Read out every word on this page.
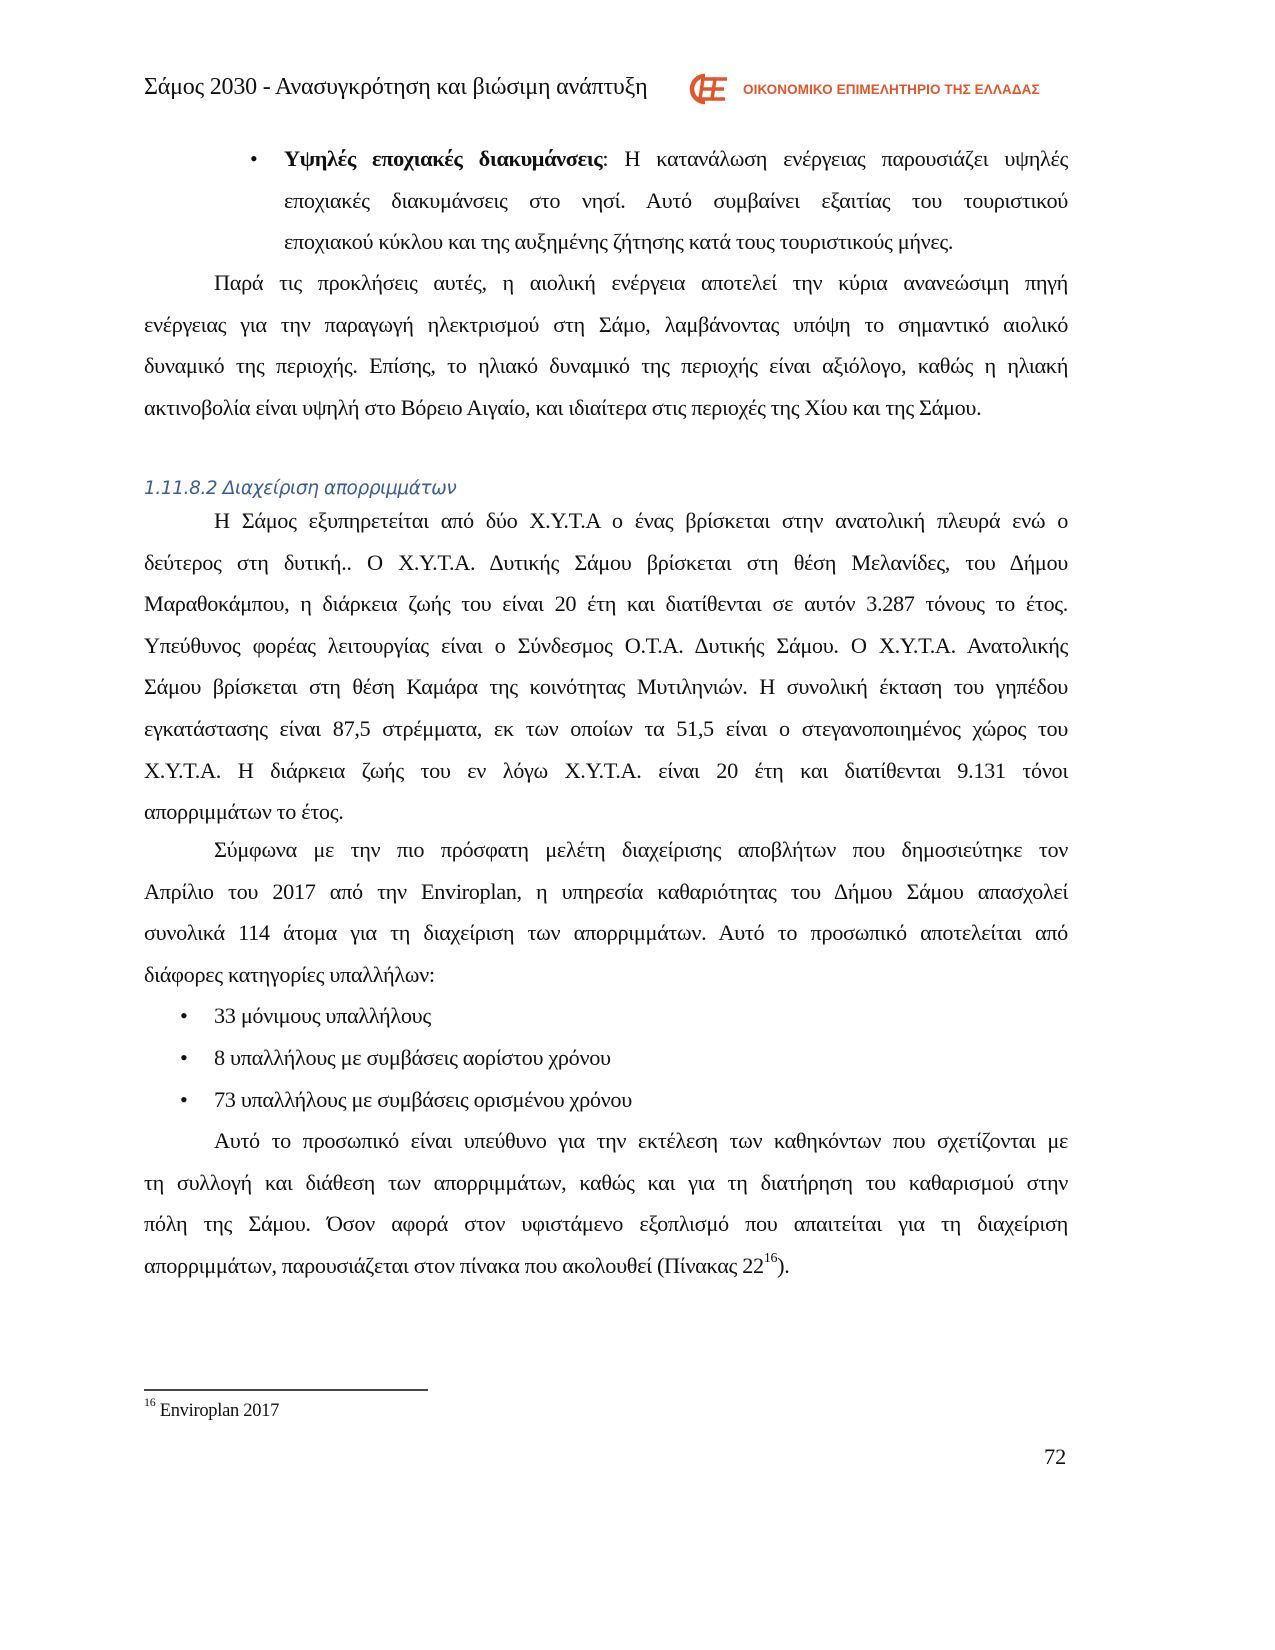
Σάμος 2030 - Ανασυγκρότηση και βιώσιμη ανάπτυξη	ΟΙΚΟΝΟΜΙΚΟ ΕΠΙΜΕΛΗΤΗΡΙΟ ΤΗΣ ΕΛΛΑΔΑΣ
• Υψηλές εποχιακές διακυμάνσεις: Η κατανάλωση ενέργειας παρουσιάζει υψηλές
εποχιακές διακυμάνσεις στο νησί. Αυτό συμβαίνει εξαιτίας του τουριστικού
εποχιακού κύκλου και της αυξημένης ζήτησης κατά τους τουριστικούς μήνες.
Παρά τις προκλήσεις αυτές, η αιολική ενέργεια αποτελεί την κύρια ανανεώσιμη πηγή
ενέργειας για την παραγωγή ηλεκτρισμού στη Σάμο, λαμβάνοντας υπόψη το σημαντικό αιολικό
δυναμικό της περιοχής. Επίσης, το ηλιακό δυναμικό της περιοχής είναι αξιόλογο, καθώς η ηλιακή
ακτινοβολία είναι υψηλή στο Βόρειο Αιγαίο, και ιδιαίτερα στις περιοχές της Χίου και της Σάμου.
1.11.8.2 Διαχείριση απορριμμάτων
Η Σάμος εξυπηρετείται από δύο Χ.Υ.Τ.Α ο ένας βρίσκεται στην ανατολική πλευρά ενώ ο
δεύτερος στη δυτική.. Ο Χ.Υ.Τ.Α. Δυτικής Σάμου βρίσκεται στη θέση Μελανίδες, του Δήμου
Μαραθοκάμπου, η διάρκεια ζωής του είναι 20 έτη και διατίθενται σε αυτόν 3.287 τόνους το έτος.
Υπεύθυνος φορέας λειτουργίας είναι ο Σύνδεσμος Ο.Τ.Α. Δυτικής Σάμου. Ο Χ.Υ.Τ.Α. Ανατολικής
Σάμου βρίσκεται στη θέση Καμάρα της κοινότητας Μυτιληνιών. Η συνολική έκταση του γηπέδου
εγκατάστασης είναι 87,5 στρέμματα, εκ των οποίων τα 51,5 είναι ο στεγανοποιημένος χώρος του
Χ.Υ.Τ.Α. Η διάρκεια ζωής του εν λόγω Χ.Υ.Τ.Α. είναι 20 έτη και διατίθενται 9.131 τόνοι
απορριμμάτων το έτος.
Σύμφωνα με την πιο πρόσφατη μελέτη διαχείρισης αποβλήτων που δημοσιεύτηκε τον
Απρίλιο του 2017 από την Enviroplan, η υπηρεσία καθαριότητας του Δήμου Σάμου απασχολεί
συνολικά 114 άτομα για τη διαχείριση των απορριμμάτων. Αυτό το προσωπικό αποτελείται από
διάφορες κατηγορίες υπαλλήλων:
• 33 μόνιμους υπαλλήλους
• 8 υπαλλήλους με συμβάσεις αορίστου χρόνου
• 73 υπαλλήλους με συμβάσεις ορισμένου χρόνου
Αυτό το προσωπικό είναι υπεύθυνο για την εκτέλεση των καθηκόντων που σχετίζονται με
τη συλλογή και διάθεση των απορριμμάτων, καθώς και για τη διατήρηση του καθαρισμού στην
πόλη της Σάμου. Όσον αφορά στον υφιστάμενο εξοπλισμό που απαιτείται για τη διαχείριση
απορριμμάτων, παρουσιάζεται στον πίνακα που ακολουθεί (Πίνακας $22^{16}$).
$^{16}$ Enviroplan 2017
72
